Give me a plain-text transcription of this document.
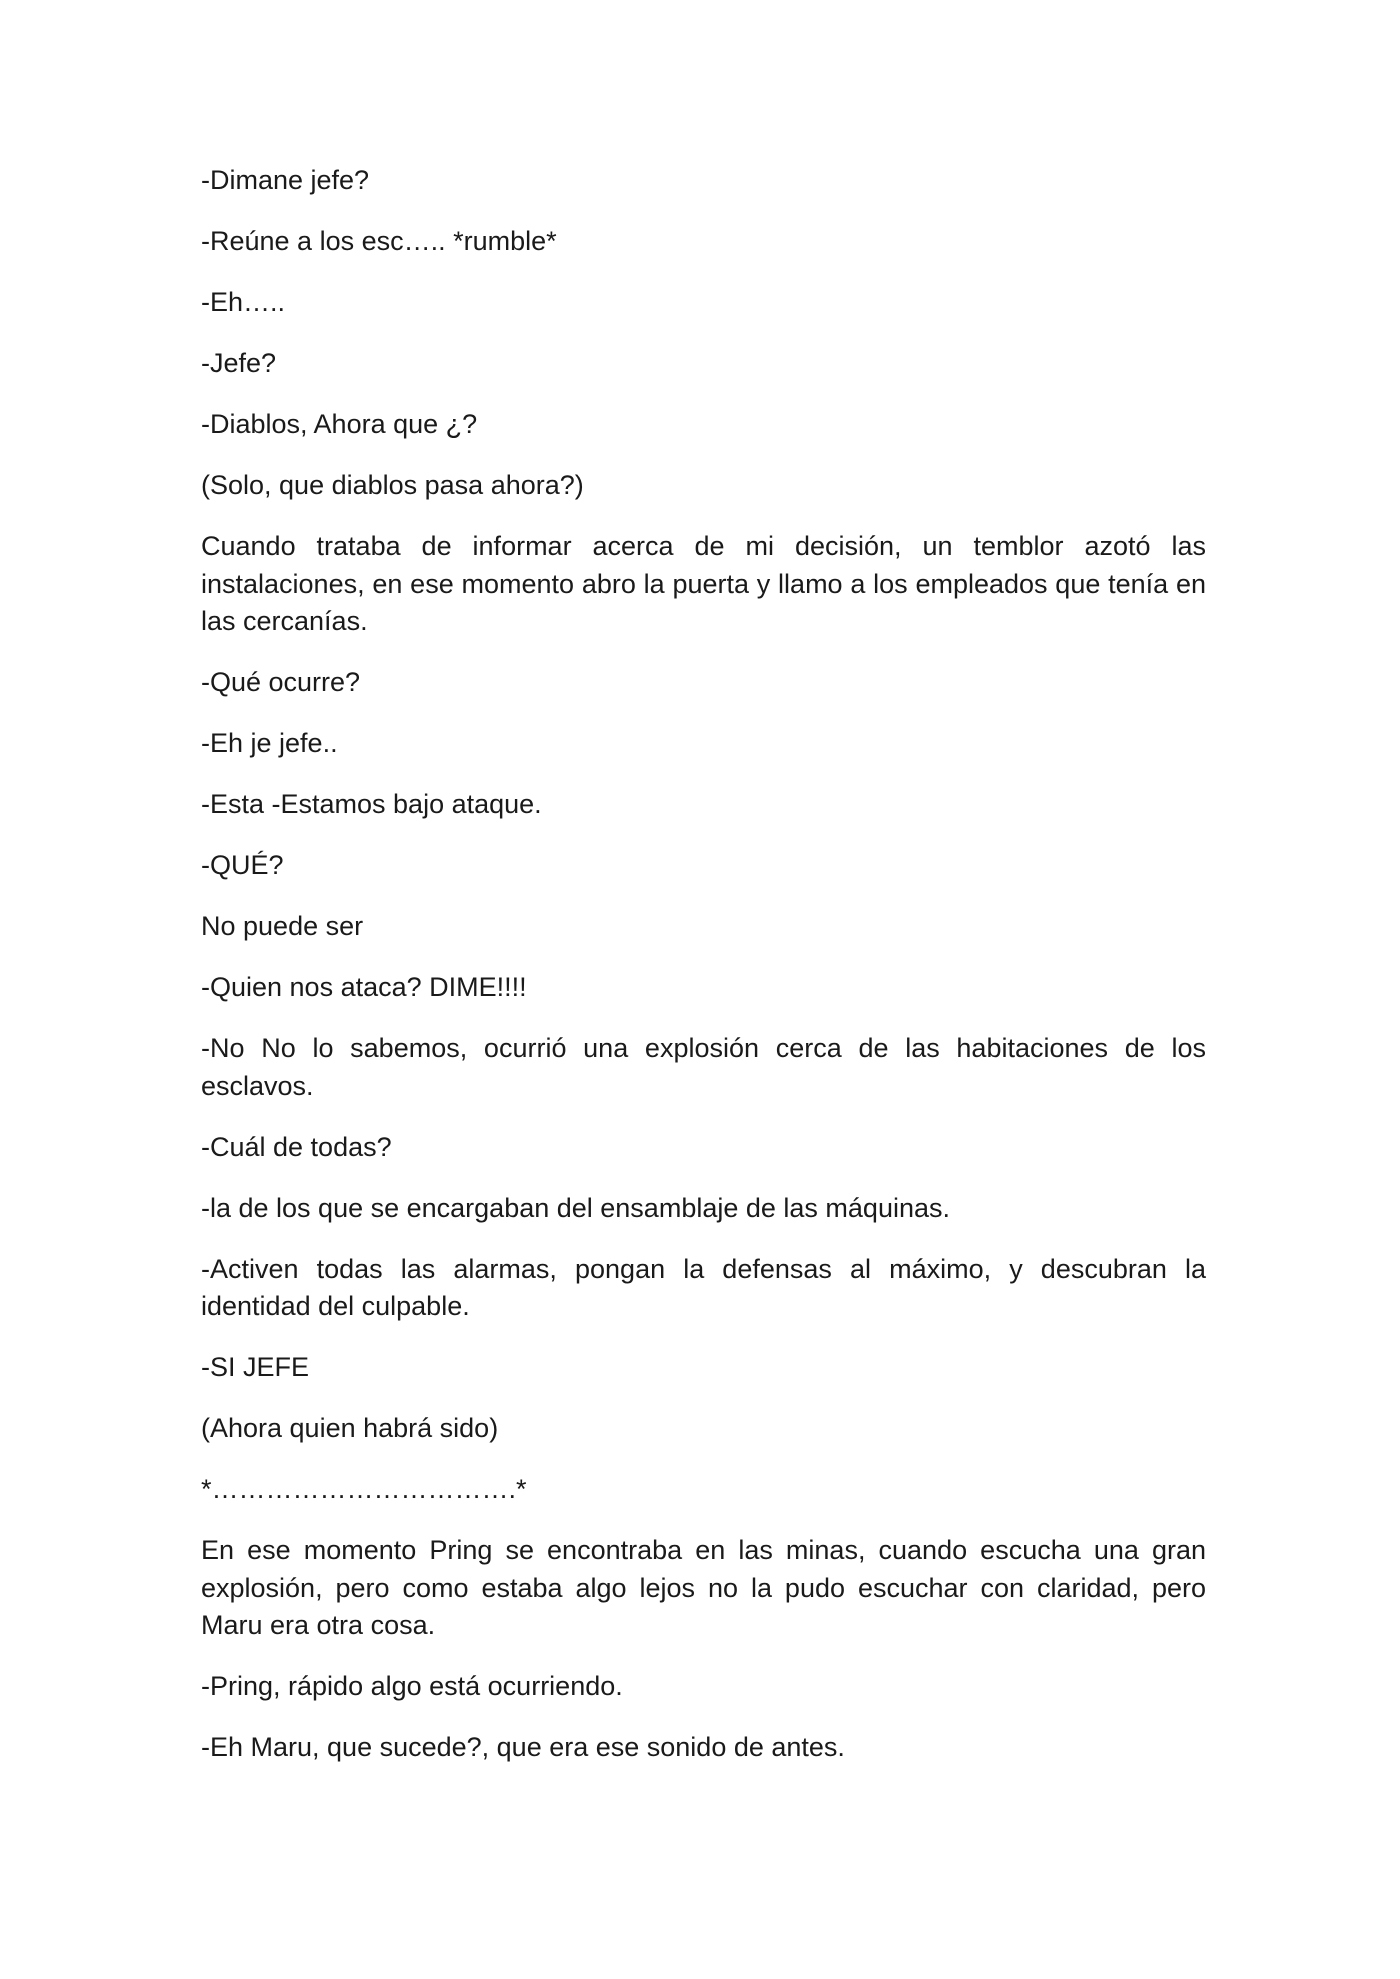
-Dimane jefe?

-Reúne a los esc….. *rumble*

-Eh…..

-Jefe?

-Diablos, Ahora que ¿?

(Solo, que diablos pasa ahora?)

Cuando trataba de informar acerca de mi decisión, un temblor azotó las instalaciones, en ese momento abro la puerta y llamo a los empleados que tenía en las cercanías.

-Qué ocurre?

-Eh je jefe..

-Esta -Estamos bajo ataque.

-QUÉ?

No puede ser

-Quien nos ataca? DIME!!!!

-No No lo sabemos, ocurrió una explosión cerca de las habitaciones de los esclavos.

-Cuál de todas?

-la de los que se encargaban del ensamblaje de las máquinas.

-Activen todas las alarmas, pongan la defensas al máximo, y descubran la identidad del culpable.

-SI JEFE

(Ahora quien habrá sido)

*…………………………….*

En ese momento Pring se encontraba en las minas, cuando escucha una gran explosión, pero como estaba algo lejos no la pudo escuchar con claridad, pero Maru era otra cosa.

-Pring, rápido algo está ocurriendo.

-Eh Maru, que sucede?, que era ese sonido de antes.
